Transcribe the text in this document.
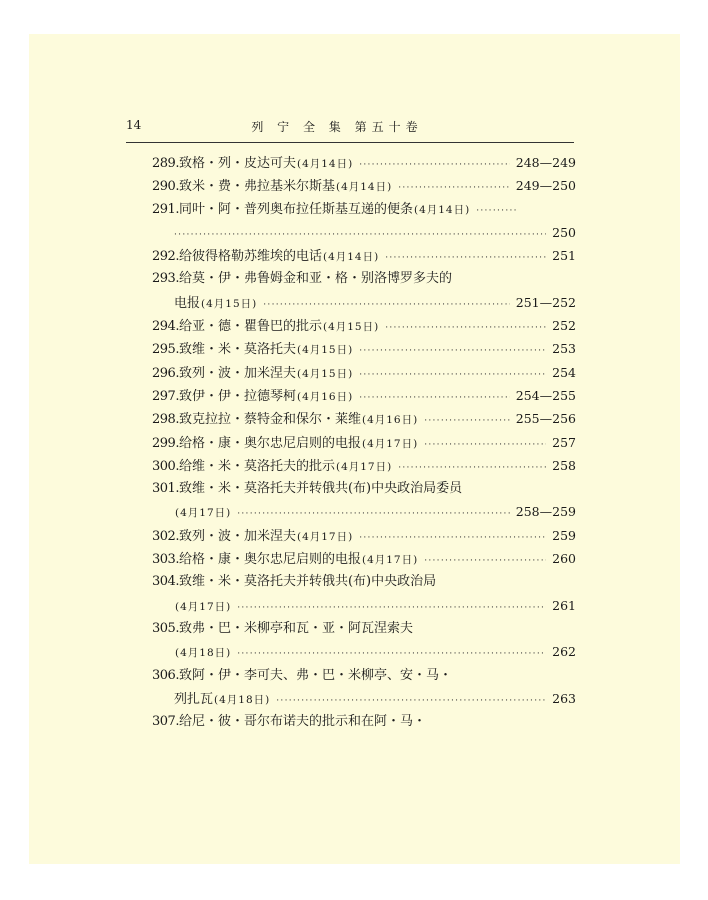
14	列 宁 全 集 第五十卷
289. 致格・列・皮达可夫 (4月14日) ·····	248—249
290. 致米・费・弗拉基米尔斯基 (4月14日) ·····	249—250
291. 同叶・阿・普列奥布拉任斯基互递的便条 (4月14日)
·····
·····
250
292. 给彼得格勒苏维埃的电话 (4月14日) ·····	251
293. 给莫・伊・弗鲁姆金和亚・格・别洛博罗多夫的
电报 (4月15日) ·····	251—252
294. 给亚・德・瞿鲁巴的批示 (4月15日) ·····	252
295. 致维・米・莫洛托夫 (4月15日) ·····	253
296. 致列・波・加米涅夫 (4月15日) ·····	254
297. 致伊・伊・拉德琴柯 (4月16日) ·····	254—255
298. 致克拉拉・蔡特金和保尔・莱维 (4月16日) ·····	255—256
299. 给格・康・奥尔忠尼启则的电报 (4月17日) ·····	257
300. 给维・米・莫洛托夫的批示 (4月17日) ·····	258
301. 致维・米・莫洛托夫并转俄共(布)中央政治局委员
(4月17日) ·····	258—259
302. 致列・波・加米涅夫 (4月17日) ·····	259
303. 给格・康・奥尔忠尼启则的电报 (4月17日) ·····	260
304. 致维・米・莫洛托夫并转俄共(布)中央政治局
(4月17日) ·····	261
305. 致弗・巴・米柳亭和瓦・亚・阿瓦涅索夫
(4月18日) ·····	262
306. 致阿・伊・李可夫、弗・巴・米柳亭、安・马・
列扎瓦 (4月18日) ·····	263
307. 给尼・彼・哥尔布诺夫的批示和在阿・马・
